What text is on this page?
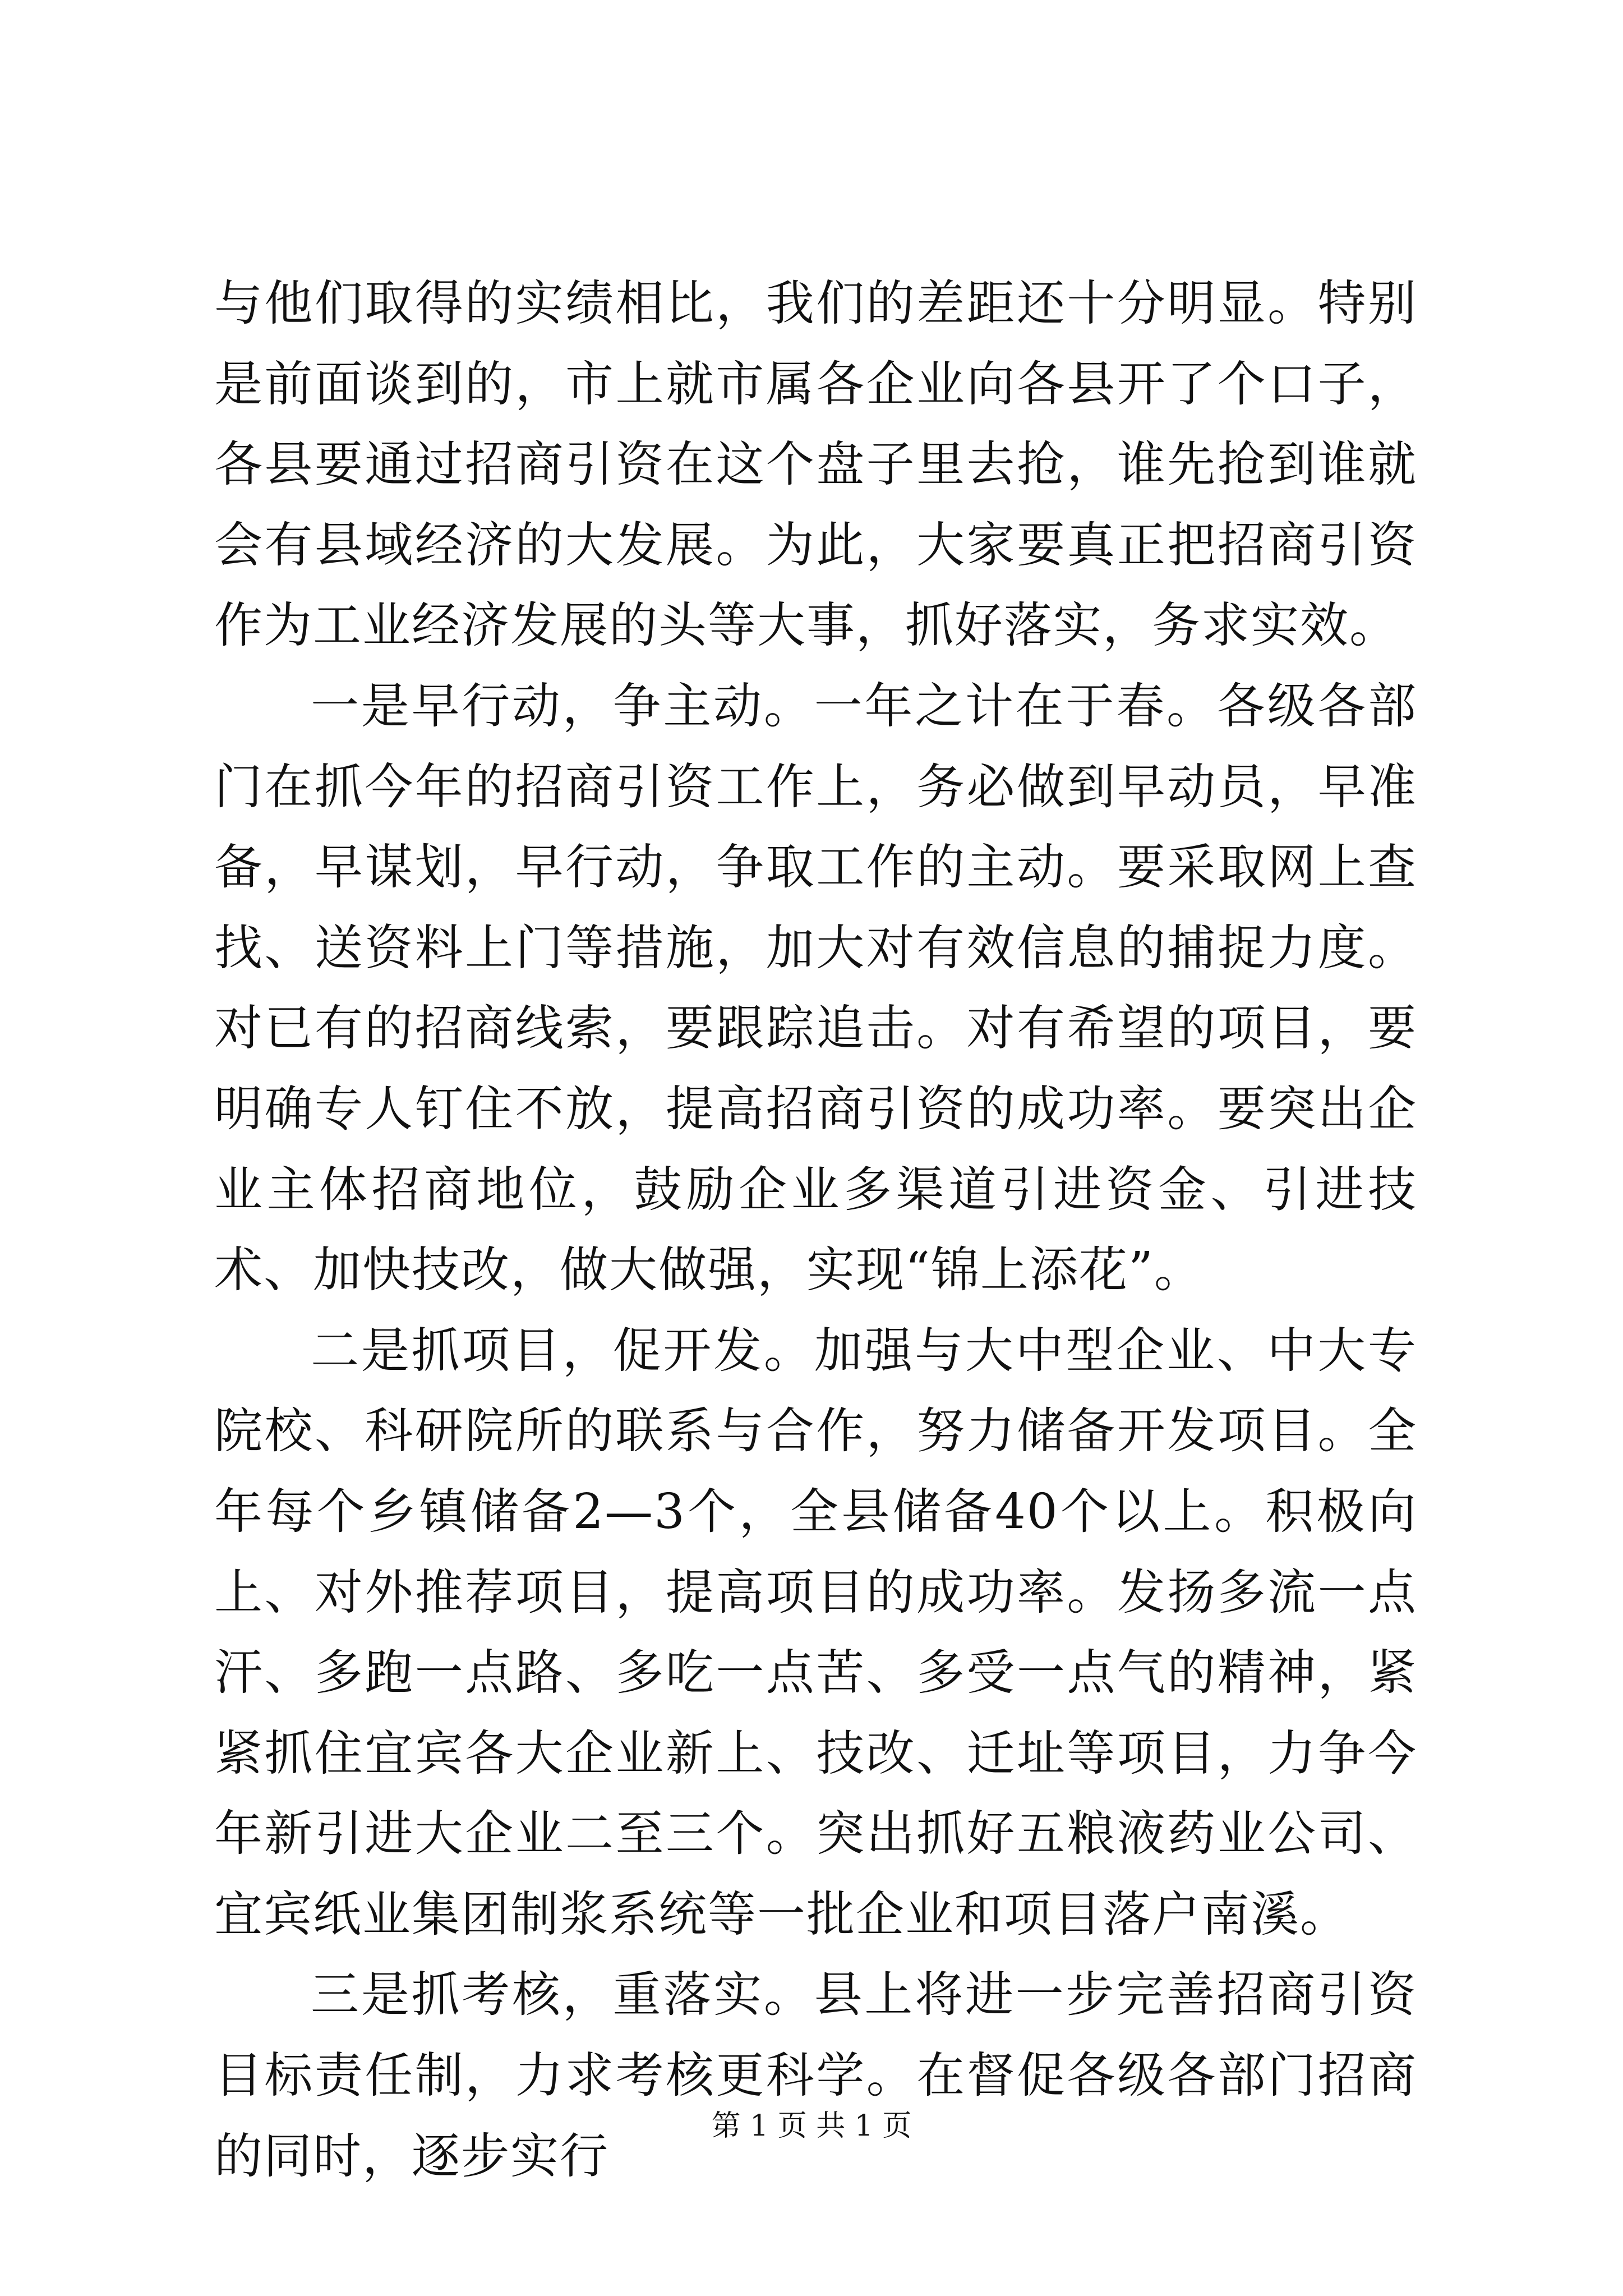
与他们取得的实绩相比，我们的差距还十分明显。特别是前面谈到的，市上就市属各企业向各县开了个口子，各县要通过招商引资在这个盘子里去抢，谁先抢到谁就会有县域经济的大发展。为此，大家要真正把招商引资作为工业经济发展的头等大事，抓好落实，务求实效。

一是早行动，争主动。一年之计在于春。各级各部门在抓今年的招商引资工作上，务必做到早动员，早准备，早谋划，早行动，争取工作的主动。要采取网上查找、送资料上门等措施，加大对有效信息的捕捉力度。对已有的招商线索，要跟踪追击。对有希望的项目，要明确专人钉住不放，提高招商引资的成功率。要突出企业主体招商地位，鼓励企业多渠道引进资金、引进技术、加快技改，做大做强，实现“锦上添花”。

二是抓项目，促开发。加强与大中型企业、中大专院校、科研院所的联系与合作，努力储备开发项目。全年每个乡镇储备2—3个，全县储备40个以上。积极向上、对外推荐项目，提高项目的成功率。发扬多流一点汗、多跑一点路、多吃一点苦、多受一点气的精神，紧紧抓住宜宾各大企业新上、技改、迁址等项目，力争今年新引进大企业二至三个。突出抓好五粮液药业公司、宜宾纸业集团制浆系统等一批企业和项目落户南溪。

三是抓考核，重落实。县上将进一步完善招商引资目标责任制，力求考核更科学。在督促各级各部门招商的同时，逐步实行

第 1 页 共 1 页
